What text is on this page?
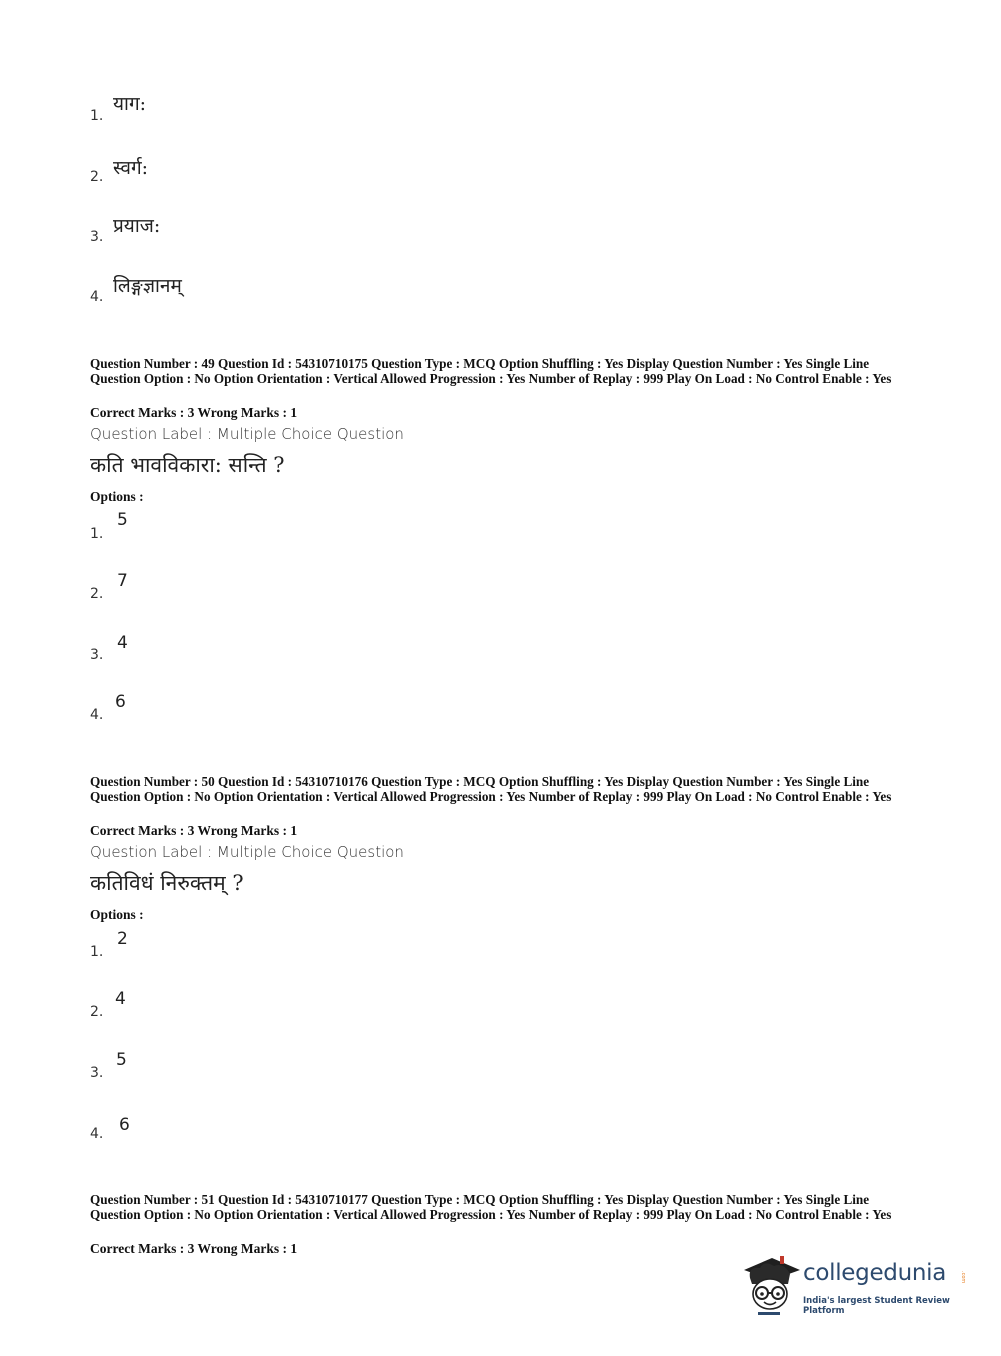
1.
याग:
2. स्वर्ग:
3. प्रयाज:
4. लिङ्गज्ञानम्
Question Number : 49 Question Id : 54310710175 Question Type : MCQ Option Shuffling : Yes Display Question Number : Yes Single Line Question Option : No Option Orientation : Vertical Allowed Progression : Yes Number of Replay : 999 Play On Load : No Control Enable : Yes
Correct Marks : 3 Wrong Marks : 1
Question Label : Multiple Choice Question
कति भावविकारा: सन्ति ?
Options :
1.
5
2.
7
3.
4
4.
6
Question Number : 50 Question Id : 54310710176 Question Type : MCQ Option Shuffling : Yes Display Question Number : Yes Single Line Question Option : No Option Orientation : Vertical Allowed Progression : Yes Number of Replay : 999 Play On Load : No Control Enable : Yes
Correct Marks : 3 Wrong Marks : 1
Question Label : Multiple Choice Question
कतिविधं निरुक्तम् ?
Options :
1.
2
2.
4
3.
5
4. 6
Question Number : 51 Question Id : 54310710177 Question Type : MCQ Option Shuffling : Yes Display Question Number : Yes Single Line Question Option : No Option Orientation : Vertical Allowed Progression : Yes Number of Replay : 999 Play On Load : No Control Enable : Yes
Correct Marks : 3 Wrong Marks : 1
collegedunia	.com
India's largest Student Review Platform
